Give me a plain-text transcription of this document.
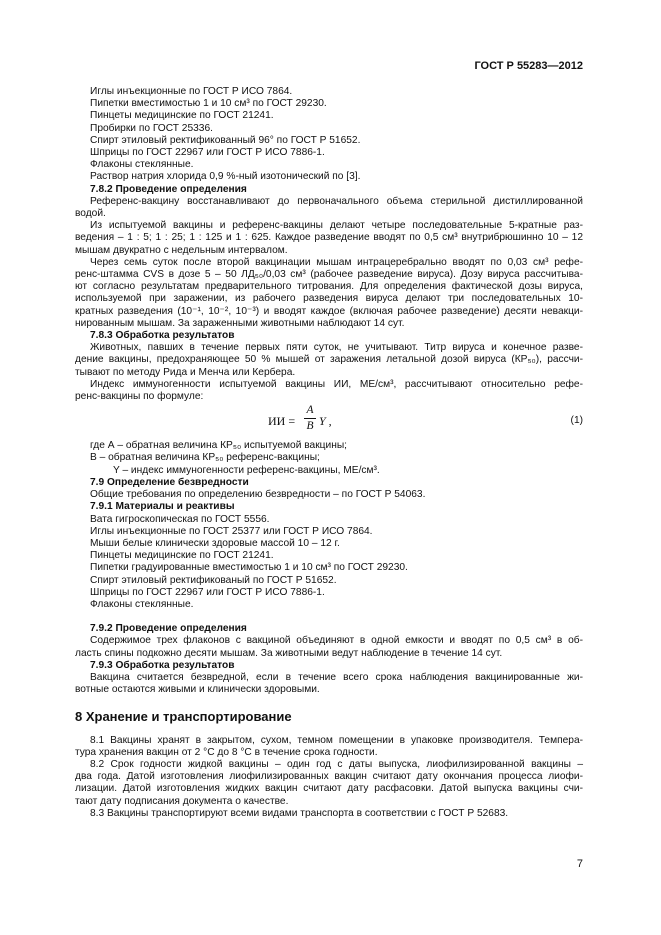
ГОСТ Р 55283—2012

Иглы инъекционные по ГОСТ Р ИСО 7864.

Пипетки вместимостью 1 и 10 см³ по ГОСТ 29230.

Пинцеты медицинские по ГОСТ 21241.

Пробирки по ГОСТ 25336.

Спирт этиловый ректификованный 96° по ГОСТ Р 51652.

Шприцы по ГОСТ 22967 или ГОСТ Р ИСО 7886-1.

Флаконы стеклянные.

Раствор натрия хлорида 0,9 %-ный изотонический по [3].

7.8.2 Проведение определения

Референс-вакцину восстанавливают до первоначального объема стерильной дистиллированной

водой.

Из испытуемой вакцины и референс-вакцины делают четыре последовательные 5-кратные раз-

ведения – 1 : 5; 1 : 25; 1 : 125 и 1 : 625. Каждое разведение вводят по 0,5 см³ внутрибрюшинно 10 – 12

мышам двукратно с недельным интервалом.

Через семь суток после второй вакцинации мышам интрацеребрально вводят по 0,03 см³ рефе-

ренс-штамма CVS в дозе 5 – 50 ЛД₅₀/0,03 см³ (рабочее разведение вируса). Дозу вируса рассчитыва-

ют согласно результатам предварительного титрования. Для определения фактической дозы вируса,

используемой при заражении, из рабочего разведения вируса делают три последовательных 10-

кратных разведения (10⁻¹, 10⁻², 10⁻³) и вводят каждое (включая рабочее разведение) десяти невакци-

нированным мышам. За зараженными животными наблюдают 14 сут.

7.8.3 Обработка результатов

Животных, павших в течение первых пяти суток, не учитывают. Титр вируса и конечное разве-

дение вакцины, предохраняющее 50 % мышей от заражения летальной дозой вируса (КР₅₀), рассчи-

тывают по методу Рида и Менча или Кербера.

Индекс иммуногенности испытуемой вакцины ИИ, МЕ/см³, рассчитывают относительно рефе-

ренс-вакцины по формуле:

ИИ =
А
В Y ,	(1)

где А – обратная величина КР₅₀ испытуемой вакцины;

В – обратная величина КР₅₀ референс-вакцины;

Y – индекс иммуногенности референс-вакцины, МЕ/см³.

7.9 Определение безвредности

Общие требования по определению безвредности – по ГОСТ Р 54063.

7.9.1 Материалы и реактивы

Вата гигроскопическая по ГОСТ 5556.

Иглы инъекционные по ГОСТ 25377 или ГОСТ Р ИСО 7864.

Мыши белые клинически здоровые массой 10 – 12 г.

Пинцеты медицинские по ГОСТ 21241.

Пипетки градуированные вместимостью 1 и 10 см³ по ГОСТ 29230.

Спирт этиловый ректификованый по ГОСТ Р 51652.

Шприцы по ГОСТ 22967 или ГОСТ Р ИСО 7886-1.

Флаконы стеклянные.

7.9.2 Проведение определения

Содержимое трех флаконов с вакциной объединяют в одной емкости и вводят по 0,5 см³ в об-

ласть спины подкожно десяти мышам. За животными ведут наблюдение в течение 14 сут.

7.9.3 Обработка результатов

Вакцина считается безвредной, если в течение всего срока наблюдения вакцинированные жи-

вотные остаются живыми и клинически здоровыми.

8 Хранение и транспортирование

8.1 Вакцины хранят в закрытом, сухом, темном помещении в упаковке производителя. Темпера-

тура хранения вакцин от 2 °С до 8 °С в течение срока годности.

8.2 Срок годности жидкой вакцины – один год с даты выпуска, лиофилизированной вакцины –

два года. Датой изготовления лиофилизированных вакцин считают дату окончания процесса лиофи-

лизации. Датой изготовления жидких вакцин считают дату расфасовки. Датой выпуска вакцины счи-

тают дату подписания документа о качестве.

8.3 Вакцины транспортируют всеми видами транспорта в соответствии с ГОСТ Р 52683.

7
